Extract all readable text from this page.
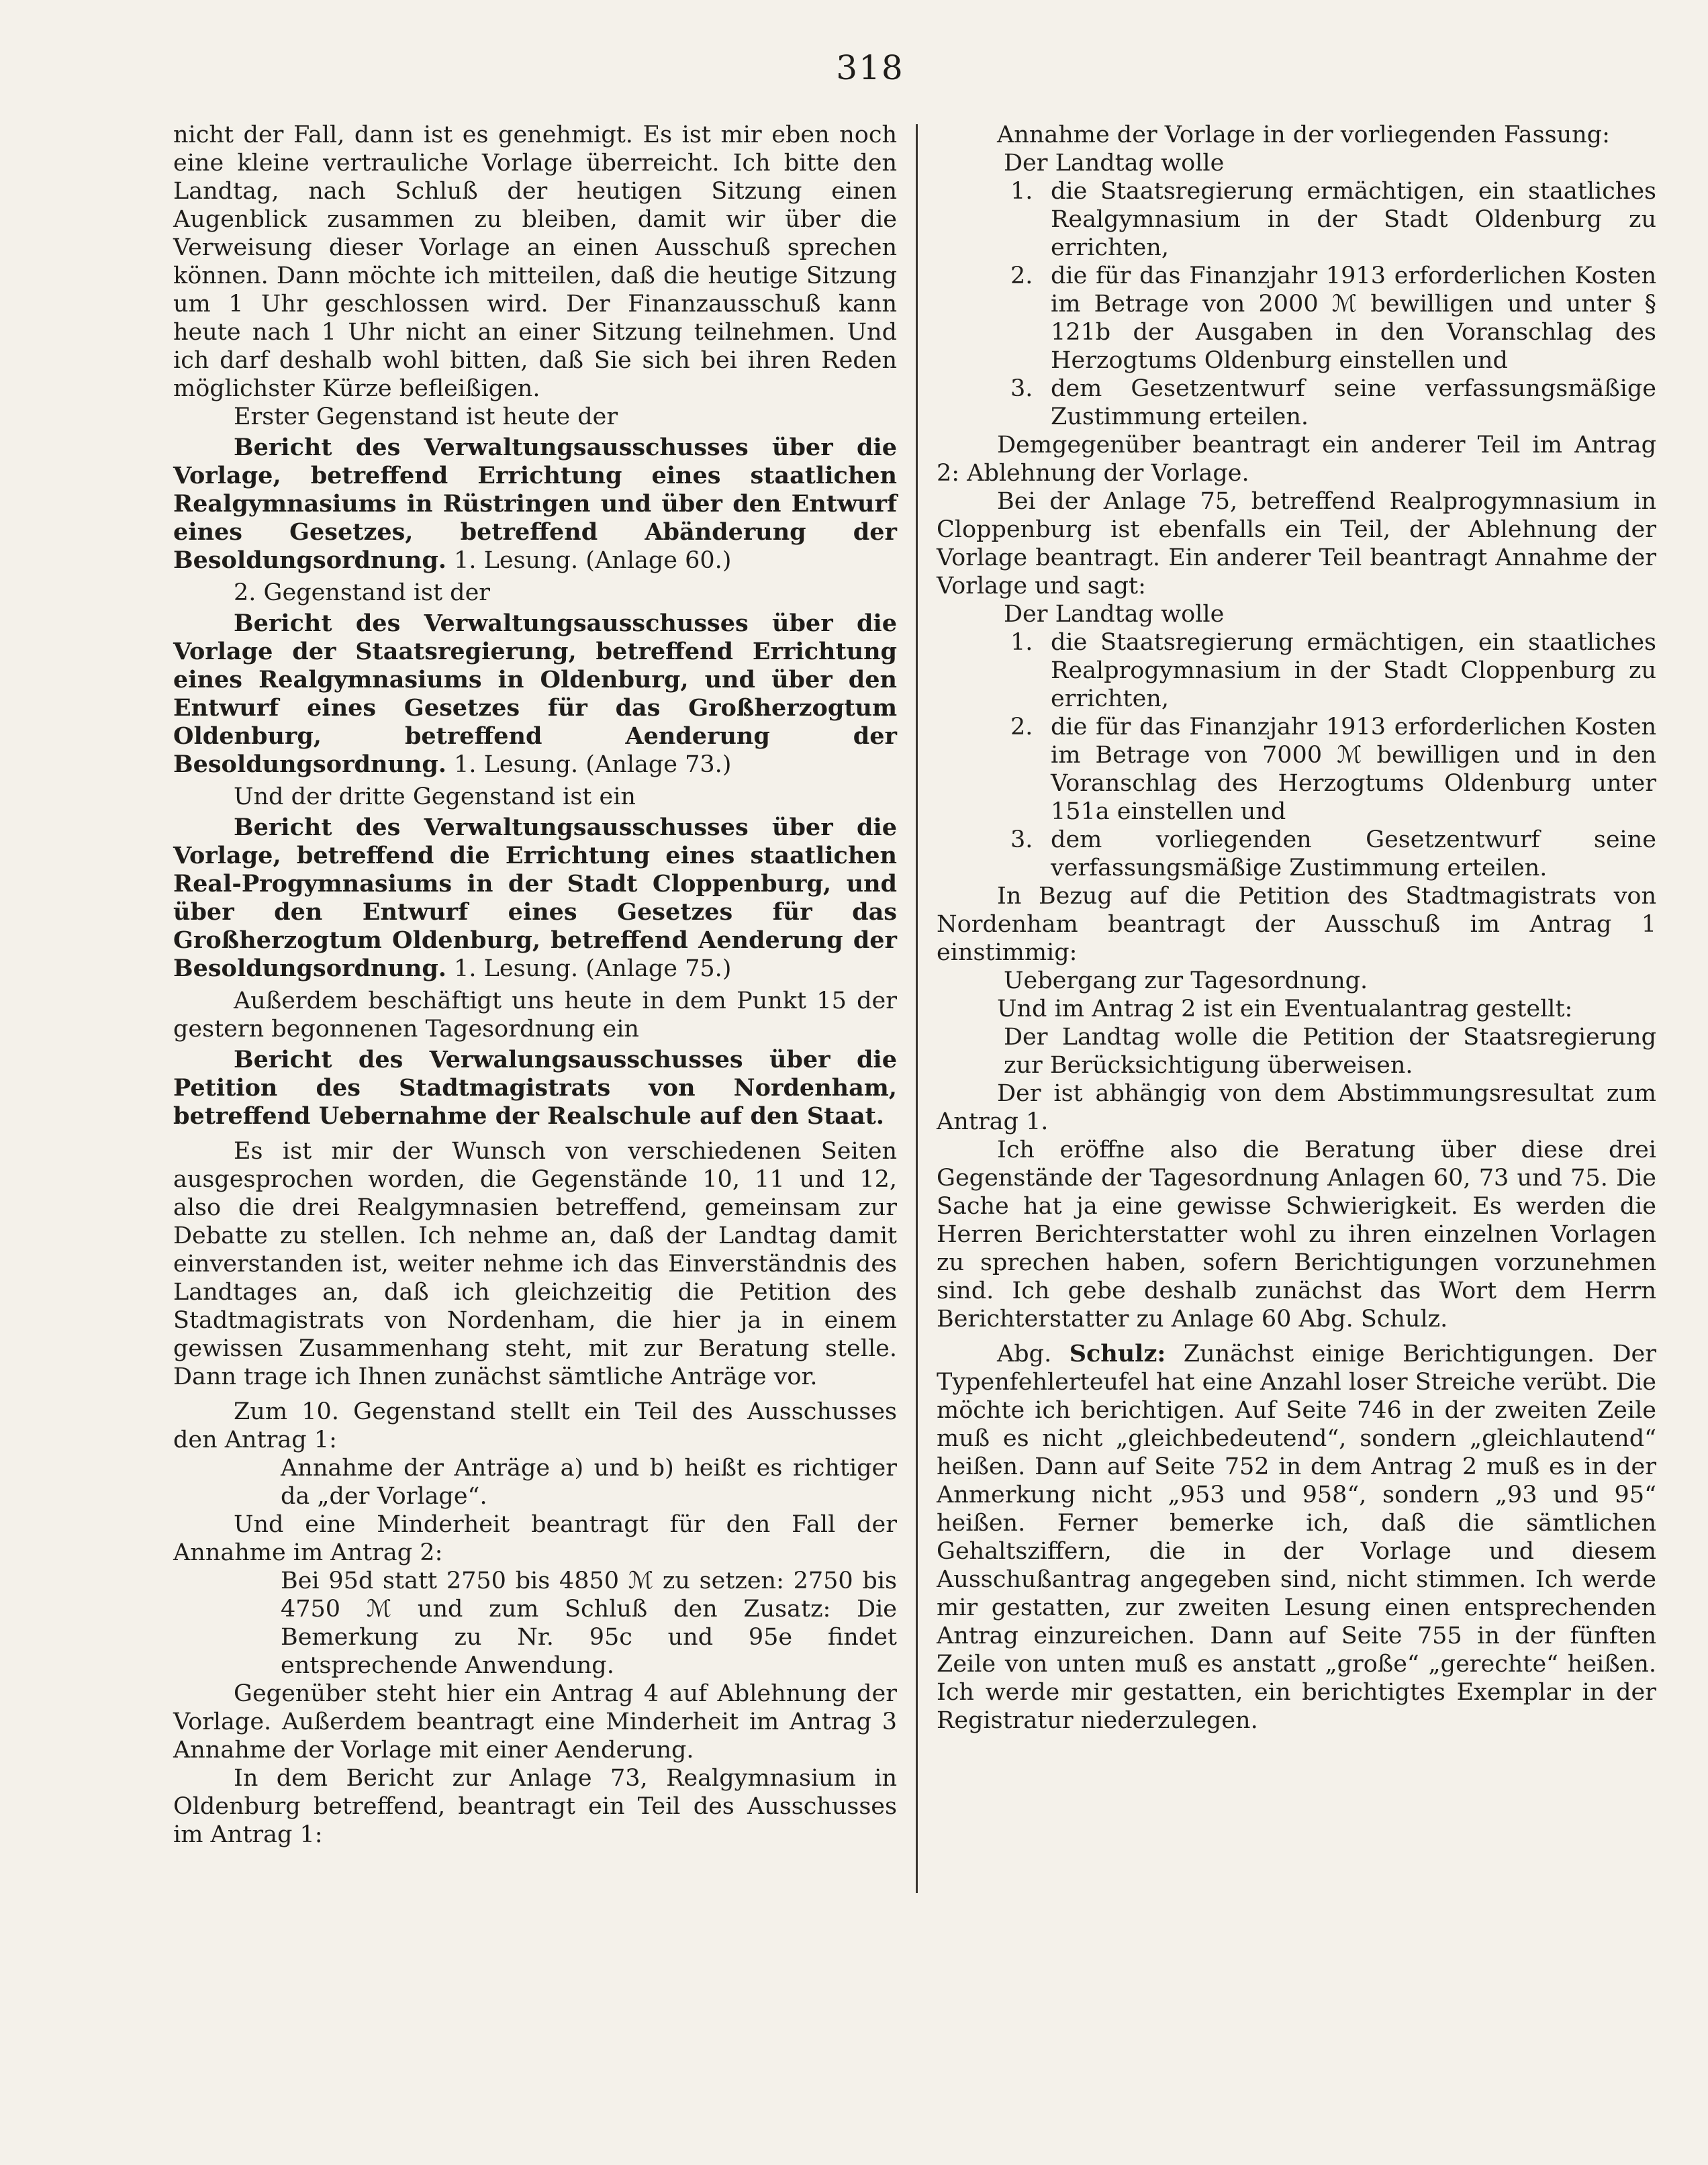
318

nicht der Fall, dann ist es genehmigt. Es ist mir eben noch eine kleine vertrauliche Vorlage überreicht. Ich bitte den Landtag, nach Schluß der heutigen Sitzung einen Augenblick zusammen zu bleiben, damit wir über die Verweisung dieser Vorlage an einen Ausschuß sprechen können. Dann möchte ich mitteilen, daß die heutige Sitzung um 1 Uhr geschlossen wird. Der Finanzausschuß kann heute nach 1 Uhr nicht an einer Sitzung teilnehmen. Und ich darf deshalb wohl bitten, daß Sie sich bei ihren Reden möglichster Kürze befleißigen.

Erster Gegenstand ist heute der

Bericht des Verwaltungsausschusses über die Vorlage, betreffend Errichtung eines staatlichen Realgymnasiums in Rüstringen und über den Entwurf eines Gesetzes, betreffend Abänderung der Besoldungsordnung. 1. Lesung. (Anlage 60.)

2. Gegenstand ist der

Bericht des Verwaltungsausschusses über die Vorlage der Staatsregierung, betreffend Errichtung eines Realgymnasiums in Oldenburg, und über den Entwurf eines Gesetzes für das Großherzogtum Oldenburg, betreffend Aenderung der Besoldungsordnung. 1. Lesung. (Anlage 73.)

Und der dritte Gegenstand ist ein

Bericht des Verwaltungsausschusses über die Vorlage, betreffend die Errichtung eines staatlichen Real-Progymnasiums in der Stadt Cloppenburg, und über den Entwurf eines Gesetzes für das Großherzogtum Oldenburg, betreffend Aenderung der Besoldungsordnung. 1. Lesung. (Anlage 75.)

Außerdem beschäftigt uns heute in dem Punkt 15 der gestern begonnenen Tagesordnung ein

Bericht des Verwalungsausschusses über die Petition des Stadtmagistrats von Nordenham, betreffend Uebernahme der Realschule auf den Staat.

Es ist mir der Wunsch von verschiedenen Seiten ausgesprochen worden, die Gegenstände 10, 11 und 12, also die drei Realgymnasien betreffend, gemeinsam zur Debatte zu stellen. Ich nehme an, daß der Landtag damit einverstanden ist, weiter nehme ich das Einverständnis des Landtages an, daß ich gleichzeitig die Petition des Stadtmagistrats von Nordenham, die hier ja in einem gewissen Zusammenhang steht, mit zur Beratung stelle. Dann trage ich Ihnen zunächst sämtliche Anträge vor.

Zum 10. Gegenstand stellt ein Teil des Ausschusses den Antrag 1:

Annahme der Anträge a) und b) heißt es richtiger da „der Vorlage“.

Und eine Minderheit beantragt für den Fall der Annahme im Antrag 2:

Bei 95d statt 2750 bis 4850 ℳ zu setzen: 2750 bis 4750 ℳ und zum Schluß den Zusatz: Die Bemerkung zu Nr. 95c und 95e findet entsprechende Anwendung.

Gegenüber steht hier ein Antrag 4 auf Ablehnung der Vorlage. Außerdem beantragt eine Minderheit im Antrag 3 Annahme der Vorlage mit einer Aenderung.

In dem Bericht zur Anlage 73, Realgymnasium in Oldenburg betreffend, beantragt ein Teil des Ausschusses im Antrag 1:

Annahme der Vorlage in der vorliegenden Fassung:

Der Landtag wolle

1. die Staatsregierung ermächtigen, ein staatliches Realgymnasium in der Stadt Oldenburg zu errichten,

2. die für das Finanzjahr 1913 erforderlichen Kosten im Betrage von 2000 ℳ bewilligen und unter § 121b der Ausgaben in den Voranschlag des Herzogtums Oldenburg einstellen und

3. dem Gesetzentwurf seine verfassungsmäßige Zustimmung erteilen.

Demgegenüber beantragt ein anderer Teil im Antrag 2: Ablehnung der Vorlage.

Bei der Anlage 75, betreffend Realprogymnasium in Cloppenburg ist ebenfalls ein Teil, der Ablehnung der Vorlage beantragt. Ein anderer Teil beantragt Annahme der Vorlage und sagt:

Der Landtag wolle

1. die Staatsregierung ermächtigen, ein staatliches Realprogymnasium in der Stadt Cloppenburg zu errichten,

2. die für das Finanzjahr 1913 erforderlichen Kosten im Betrage von 7000 ℳ bewilligen und in den Voranschlag des Herzogtums Oldenburg unter 151a einstellen und

3. dem vorliegenden Gesetzentwurf seine verfassungsmäßige Zustimmung erteilen.

In Bezug auf die Petition des Stadtmagistrats von Nordenham beantragt der Ausschuß im Antrag 1 einstimmig:

Uebergang zur Tagesordnung.

Und im Antrag 2 ist ein Eventualantrag gestellt:

Der Landtag wolle die Petition der Staatsregierung zur Berücksichtigung überweisen.

Der ist abhängig von dem Abstimmungsresultat zum Antrag 1.

Ich eröffne also die Beratung über diese drei Gegenstände der Tagesordnung Anlagen 60, 73 und 75. Die Sache hat ja eine gewisse Schwierigkeit. Es werden die Herren Berichterstatter wohl zu ihren einzelnen Vorlagen zu sprechen haben, sofern Berichtigungen vorzunehmen sind. Ich gebe deshalb zunächst das Wort dem Herrn Berichterstatter zu Anlage 60 Abg. Schulz.

Abg. Schulz: Zunächst einige Berichtigungen. Der Typenfehlerteufel hat eine Anzahl loser Streiche verübt. Die möchte ich berichtigen. Auf Seite 746 in der zweiten Zeile muß es nicht „gleichbedeutend“, sondern „gleichlautend“ heißen. Dann auf Seite 752 in dem Antrag 2 muß es in der Anmerkung nicht „953 und 958“, sondern „93 und 95“ heißen. Ferner bemerke ich, daß die sämtlichen Gehaltsziffern, die in der Vorlage und diesem Ausschußantrag angegeben sind, nicht stimmen. Ich werde mir gestatten, zur zweiten Lesung einen entsprechenden Antrag einzureichen. Dann auf Seite 755 in der fünften Zeile von unten muß es anstatt „große“ „gerechte“ heißen. Ich werde mir gestatten, ein berichtigtes Exemplar in der Registratur niederzulegen.
